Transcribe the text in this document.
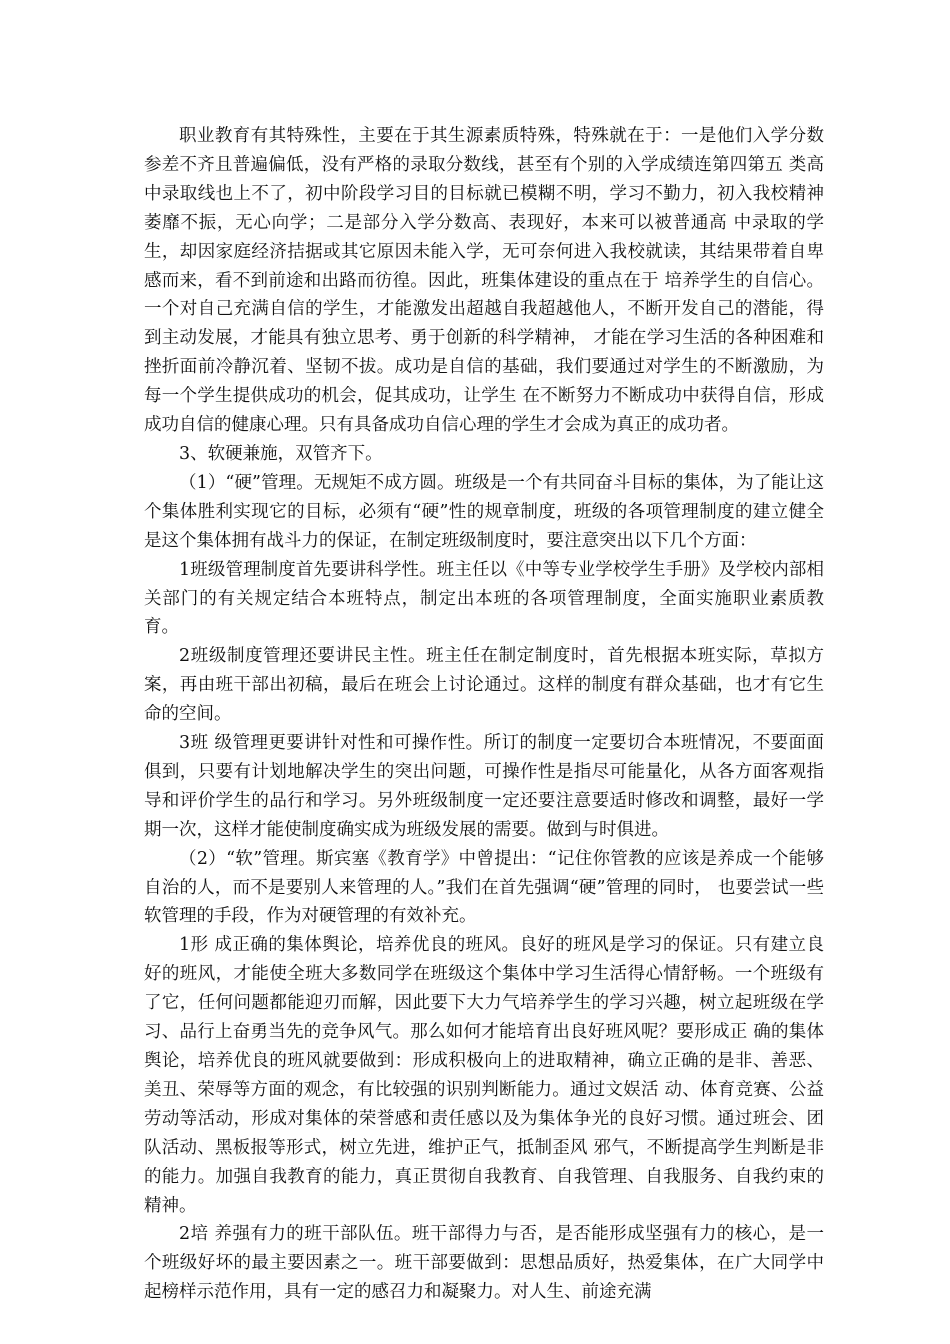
职业教育有其特殊性，主要在于其生源素质特殊，特殊就在于：一是他们入学分数参差不齐且普遍偏低，没有严格的录取分数线，甚至有个别的入学成绩连第四第五 类高中录取线也上不了，初中阶段学习目的目标就已模糊不明，学习不勤力，初入我校精神萎靡不振，无心向学；二是部分入学分数高、表现好，本来可以被普通高 中录取的学生，却因家庭经济拮据或其它原因未能入学，无可奈何进入我校就读，其结果带着自卑感而来，看不到前途和出路而彷徨。因此，班集体建设的重点在于 培养学生的自信心。一个对自己充满自信的学生，才能激发出超越自我超越他人，不断开发自己的潜能，得到主动发展，才能具有独立思考、勇于创新的科学精神， 才能在学习生活的各种困难和挫折面前冷静沉着、坚韧不拔。成功是自信的基础，我们要通过对学生的不断激励，为每一个学生提供成功的机会，促其成功，让学生 在不断努力不断成功中获得自信，形成成功自信的健康心理。只有具备成功自信心理的学生才会成为真正的成功者。

3、软硬兼施，双管齐下。

（1）“硬”管理。无规矩不成方圆。班级是一个有共同奋斗目标的集体，为了能让这个集体胜利实现它的目标，必须有“硬”性的规章制度，班级的各项管理制度的建立健全是这个集体拥有战斗力的保证，在制定班级制度时，要注意突出以下几个方面：

1班级管理制度首先要讲科学性。班主任以《中等专业学校学生手册》及学校内部相关部门的有关规定结合本班特点，制定出本班的各项管理制度，全面实施职业素质教育。

2班级制度管理还要讲民主性。班主任在制定制度时，首先根据本班实际，草拟方案，再由班干部出初稿，最后在班会上讨论通过。这样的制度有群众基础，也才有它生命的空间。

3班 级管理更要讲针对性和可操作性。所订的制度一定要切合本班情况，不要面面俱到，只要有计划地解决学生的突出问题，可操作性是指尽可能量化，从各方面客观指 导和评价学生的品行和学习。另外班级制度一定还要注意要适时修改和调整，最好一学期一次，这样才能使制度确实成为班级发展的需要。做到与时俱进。

（2）“软”管理。斯宾塞《教育学》中曾提出：“记住你管教的应该是养成一个能够自治的人，而不是要别人来管理的人。”我们在首先强调“硬”管理的同时， 也要尝试一些软管理的手段，作为对硬管理的有效补充。

1形 成正确的集体舆论，培养优良的班风。良好的班风是学习的保证。只有建立良好的班风，才能使全班大多数同学在班级这个集体中学习生活得心情舒畅。一个班级有 了它，任何问题都能迎刃而解，因此要下大力气培养学生的学习兴趣，树立起班级在学习、品行上奋勇当先的竞争风气。那么如何才能培育出良好班风呢？要形成正 确的集体舆论，培养优良的班风就要做到：形成积极向上的进取精神，确立正确的是非、善恶、美丑、荣辱等方面的观念，有比较强的识别判断能力。通过文娱活 动、体育竞赛、公益劳动等活动，形成对集体的荣誉感和责任感以及为集体争光的良好习惯。通过班会、团队活动、黑板报等形式，树立先进，维护正气，抵制歪风 邪气，不断提高学生判断是非的能力。加强自我教育的能力，真正贯彻自我教育、自我管理、自我服务、自我约束的精神。

2培 养强有力的班干部队伍。班干部得力与否，是否能形成坚强有力的核心，是一个班级好坏的最主要因素之一。班干部要做到：思想品质好，热爱集体，在广大同学中 起榜样示范作用，具有一定的感召力和凝聚力。对人生、前途充满
